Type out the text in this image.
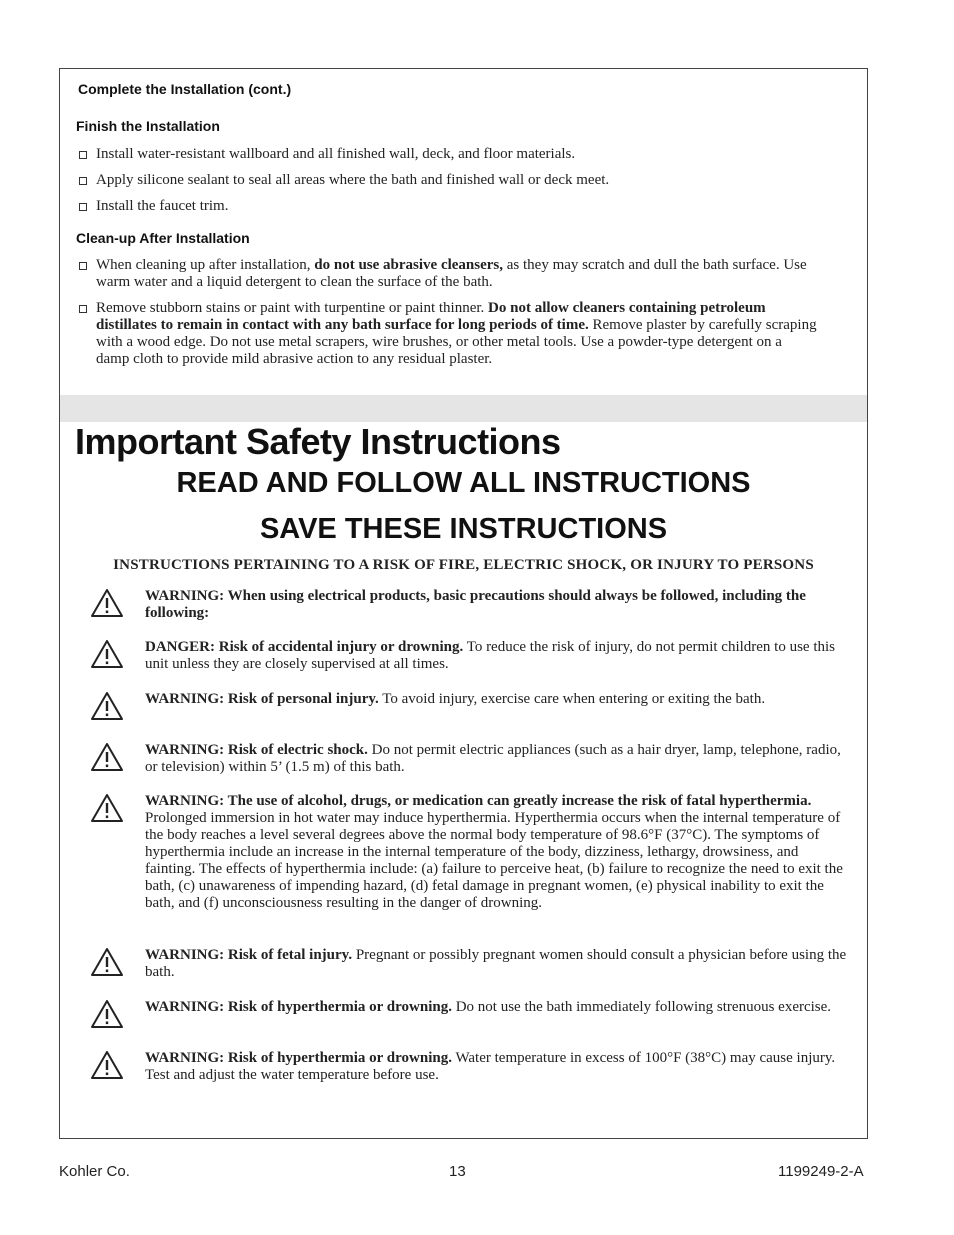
Complete the Installation (cont.)
Finish the Installation
Install water-resistant wallboard and all finished wall, deck, and floor materials.
Apply silicone sealant to seal all areas where the bath and finished wall or deck meet.
Install the faucet trim.
Clean-up After Installation
When cleaning up after installation, do not use abrasive cleansers, as they may scratch and dull the bath surface. Use warm water and a liquid detergent to clean the surface of the bath.
Remove stubborn stains or paint with turpentine or paint thinner. Do not allow cleaners containing petroleum distillates to remain in contact with any bath surface for long periods of time. Remove plaster by carefully scraping with a wood edge. Do not use metal scrapers, wire brushes, or other metal tools. Use a powder-type detergent on a damp cloth to provide mild abrasive action to any residual plaster.
Important Safety Instructions
READ AND FOLLOW ALL INSTRUCTIONS
SAVE THESE INSTRUCTIONS
INSTRUCTIONS PERTAINING TO A RISK OF FIRE, ELECTRIC SHOCK, OR INJURY TO PERSONS
WARNING: When using electrical products, basic precautions should always be followed, including the following:
DANGER: Risk of accidental injury or drowning. To reduce the risk of injury, do not permit children to use this unit unless they are closely supervised at all times.
WARNING: Risk of personal injury. To avoid injury, exercise care when entering or exiting the bath.
WARNING: Risk of electric shock. Do not permit electric appliances (such as a hair dryer, lamp, telephone, radio, or television) within 5’ (1.5 m) of this bath.
WARNING: The use of alcohol, drugs, or medication can greatly increase the risk of fatal hyperthermia. Prolonged immersion in hot water may induce hyperthermia. Hyperthermia occurs when the internal temperature of the body reaches a level several degrees above the normal body temperature of 98.6°F (37°C). The symptoms of hyperthermia include an increase in the internal temperature of the body, dizziness, lethargy, drowsiness, and fainting. The effects of hyperthermia include: (a) failure to perceive heat, (b) failure to recognize the need to exit the bath, (c) unawareness of impending hazard, (d) fetal damage in pregnant women, (e) physical inability to exit the bath, and (f) unconsciousness resulting in the danger of drowning.
WARNING: Risk of fetal injury. Pregnant or possibly pregnant women should consult a physician before using the bath.
WARNING: Risk of hyperthermia or drowning. Do not use the bath immediately following strenuous exercise.
WARNING: Risk of hyperthermia or drowning. Water temperature in excess of 100°F (38°C) may cause injury. Test and adjust the water temperature before use.
Kohler Co.	13	1199249-2-A
